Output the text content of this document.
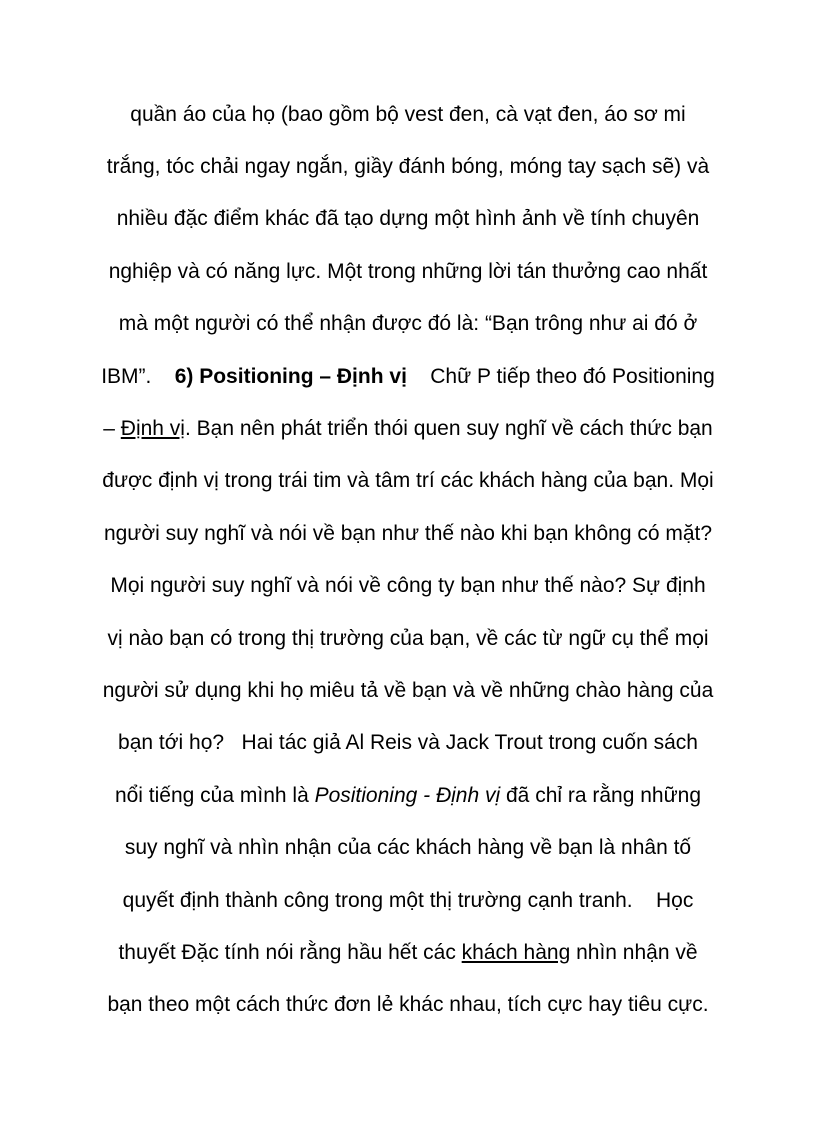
quần áo của họ (bao gồm bộ vest đen, cà vạt đen, áo sơ mi
trắng, tóc chải ngay ngắn, giầy đánh bóng, móng tay sạch sẽ) và
nhiều đặc điểm khác đã tạo dựng một hình ảnh về tính chuyên
nghiệp và có năng lực. Một trong những lời tán thưởng cao nhất
mà một người có thể nhận được đó là: “Bạn trông như ai đó ở
IBM”.    6) Positioning – Định vị    Chữ P tiếp theo đó Positioning
– Định vị. Bạn nên phát triển thói quen suy nghĩ về cách thức bạn
được định vị trong trái tim và tâm trí các khách hàng của bạn. Mọi
người suy nghĩ và nói về bạn như thế nào khi bạn không có mặt?
Mọi người suy nghĩ và nói về công ty bạn như thế nào? Sự định
vị nào bạn có trong thị trường của bạn, về các từ ngữ cụ thể mọi
người sử dụng khi họ miêu tả về bạn và về những chào hàng của
bạn tới họ?   Hai tác giả Al Reis và Jack Trout trong cuốn sách
nổi tiếng của mình là Positioning - Định vị đã chỉ ra rằng những
suy nghĩ và nhìn nhận của các khách hàng về bạn là nhân tố
quyết định thành công trong một thị trường cạnh tranh.    Học
thuyết Đặc tính nói rằng hầu hết các khách hàng nhìn nhận về
bạn theo một cách thức đơn lẻ khác nhau, tích cực hay tiêu cực.
